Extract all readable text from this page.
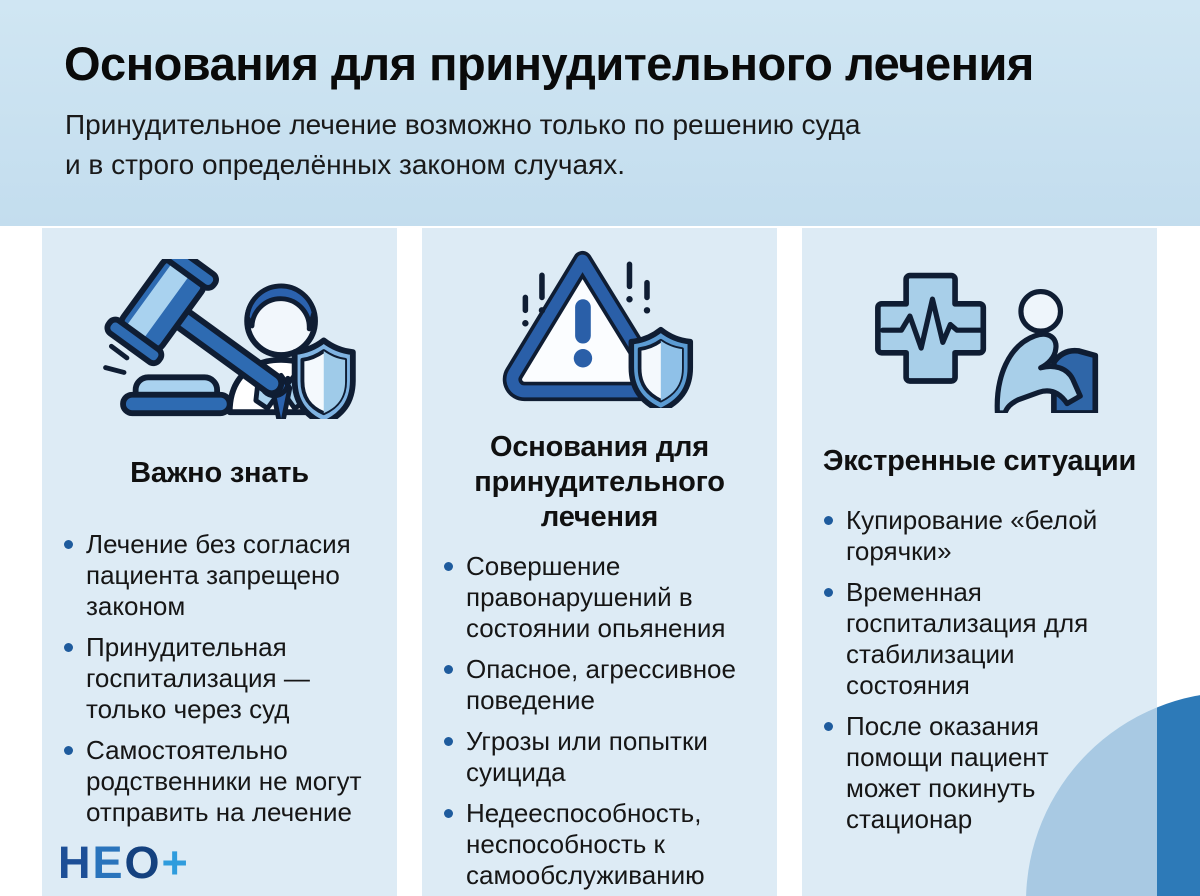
Основания для принудительного лечения

Принудительное лечение возможно только по решению суда
и в строго определённых законом случаях.

Важно знать
Лечение без согласия пациента запрещено законом
Принудительная госпитализация — только через суд
Самостоятельно родственники не могут отправить на лечение
Основания для принудительного лечения
Совершение правонарушений в состоянии опьянения
Опасное, агрессивное поведение
Угрозы или попытки суицида
Недееспособность, неспособность к самообслуживанию
Экстренные ситуации
Купирование «белой горячки»
Временная госпитализация для стабилизации состояния
После оказания помощи пациент может покинуть стационар
НЕО+
